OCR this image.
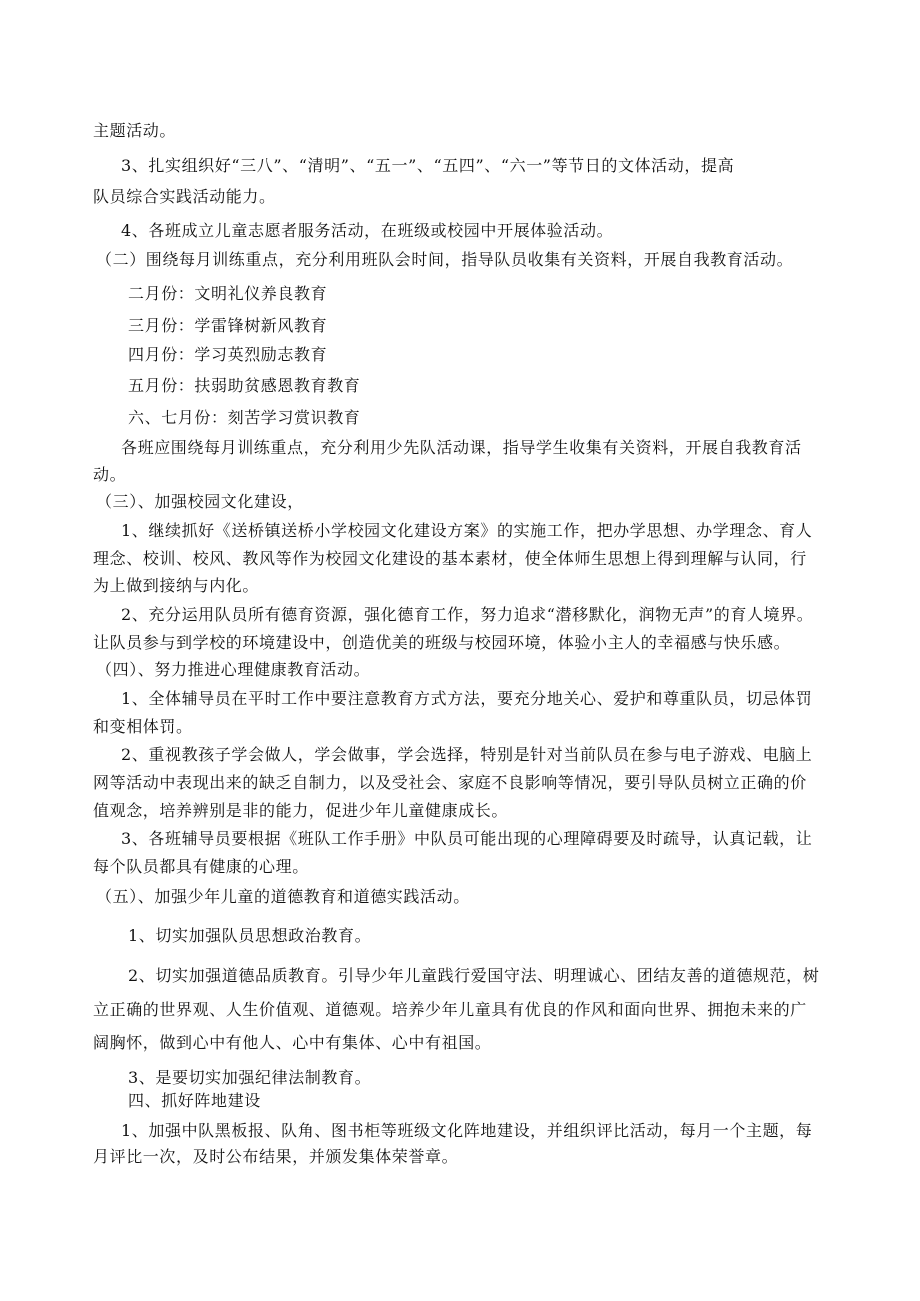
主题活动。
3、扎实组织好“三八”、“清明”、“五一”、“五四”、“六一”等节日的文体活动，提高
队员综合实践活动能力。
4、各班成立儿童志愿者服务活动，在班级或校园中开展体验活动。
（二）围绕每月训练重点，充分利用班队会时间，指导队员收集有关资料，开展自我教育活动。
二月份：文明礼仪养良教育
三月份：学雷锋树新风教育
四月份：学习英烈励志教育
五月份：扶弱助贫感恩教育教育
六、七月份：刻苦学习赏识教育
各班应围绕每月训练重点，充分利用少先队活动课，指导学生收集有关资料，开展自我教育活
动。
（三）、加强校园文化建设，
1、继续抓好《送桥镇送桥小学校园文化建设方案》的实施工作，把办学思想、办学理念、育人
理念、校训、校风、教风等作为校园文化建设的基本素材，使全体师生思想上得到理解与认同，行
为上做到接纳与内化。
2、充分运用队员所有德育资源，强化德育工作，努力追求“潜移默化，润物无声”的育人境界。
让队员参与到学校的环境建设中，创造优美的班级与校园环境，体验小主人的幸福感与快乐感。
（四）、努力推进心理健康教育活动。
1、全体辅导员在平时工作中要注意教育方式方法，要充分地关心、爱护和尊重队员，切忌体罚
和变相体罚。
2、重视教孩子学会做人，学会做事，学会选择，特别是针对当前队员在参与电子游戏、电脑上
网等活动中表现出来的缺乏自制力，以及受社会、家庭不良影响等情况，要引导队员树立正确的价
值观念，培养辨别是非的能力，促进少年儿童健康成长。
3、各班辅导员要根据《班队工作手册》中队员可能出现的心理障碍要及时疏导，认真记载，让
每个队员都具有健康的心理。
（五）、加强少年儿童的道德教育和道德实践活动。
1、切实加强队员思想政治教育。
2、切实加强道德品质教育。引导少年儿童践行爱国守法、明理诚心、团结友善的道德规范，树
立正确的世界观、人生价值观、道德观。培养少年儿童具有优良的作风和面向世界、拥抱未来的广
阔胸怀，做到心中有他人、心中有集体、心中有祖国。
3、是要切实加强纪律法制教育。
四、抓好阵地建设
1、加强中队黑板报、队角、图书柜等班级文化阵地建设，并组织评比活动，每月一个主题，每
月评比一次，及时公布结果，并颁发集体荣誉章。
